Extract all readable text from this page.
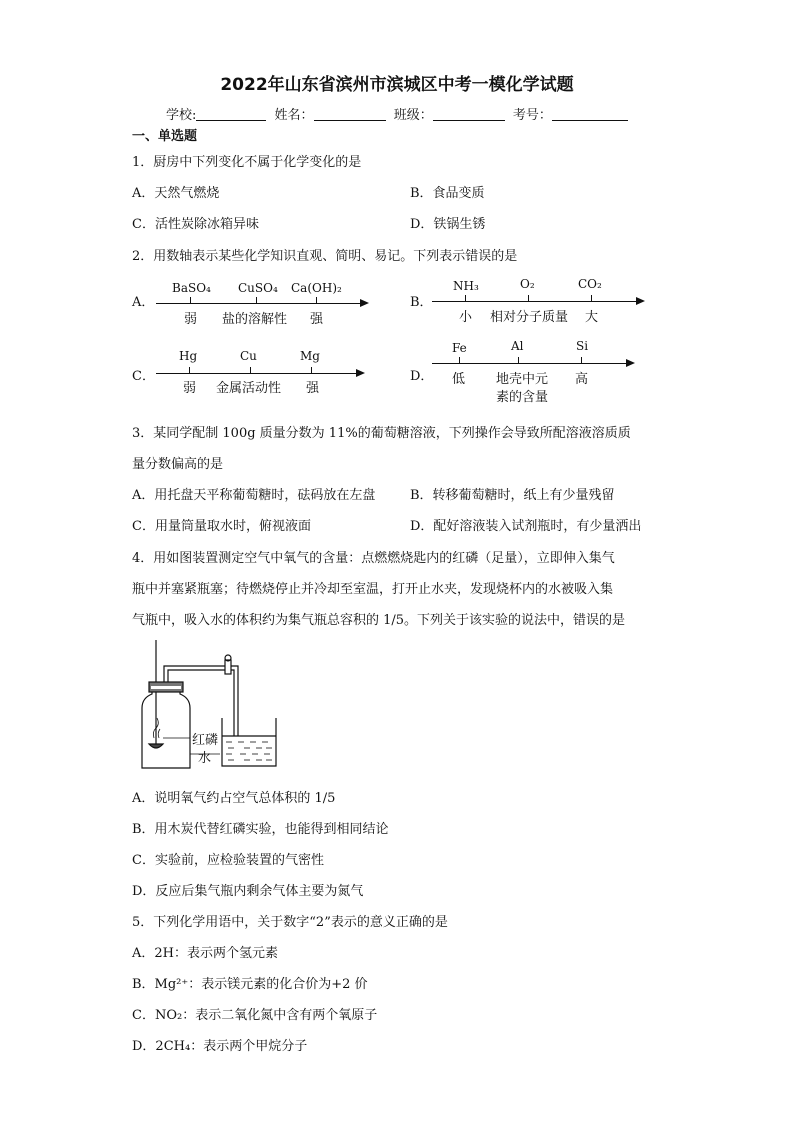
2022年山东省滨州市滨城区中考一模化学试题
学校:	姓名：	班级：	考号：
一、单选题
1．厨房中下列变化不属于化学变化的是
A．天然气燃烧	B．食品变质
C．活性炭除冰箱异味	D．铁锅生锈
2．用数轴表示某些化学知识直观、简明、易记。下列表示错误的是
A．
BaSO₄ CuSO₄ Ca(OH)₂
弱 盐的溶解性 强
B．
NH₃	O₂	CO₂
小 相对分子质量 大
C．
Hg	Cu	Mg
弱 金属活动性 强
D．
Fe	Al	Si
低 地壳中元
素的含量
高
3．某同学配制 100g 质量分数为 11%的葡萄糖溶液，下列操作会导致所配溶液溶质质
量分数偏高的是
A．用托盘天平称葡萄糖时，砝码放在左盘	B．转移葡萄糖时，纸上有少量残留
C．用量筒量取水时，俯视液面	D．配好溶液装入试剂瓶时，有少量洒出
4．用如图装置测定空气中氧气的含量：点燃燃烧匙内的红磷（足量），立即伸入集气
瓶中并塞紧瓶塞；待燃烧停止并冷却至室温，打开止水夹，发现烧杯内的水被吸入集
气瓶中，吸入水的体积约为集气瓶总容积的 1/5。下列关于该实验的说法中，错误的是
红磷
水
A．说明氧气约占空气总体积的 1/5
B．用木炭代替红磷实验，也能得到相同结论
C．实验前，应检验装置的气密性
D．反应后集气瓶内剩余气体主要为氮气
5．下列化学用语中，关于数字“2”表示的意义正确的是
A．2H：表示两个氢元素
B．Mg²⁺：表示镁元素的化合价为+2 价
C．NO₂：表示二氧化氮中含有两个氧原子
D．2CH₄：表示两个甲烷分子
